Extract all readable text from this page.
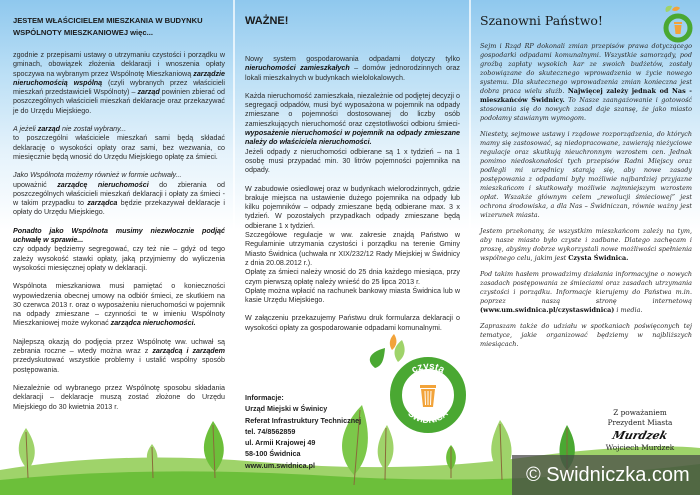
czysta
ŚWIDNICA
JESTEM WŁAŚCICIELEM MIESZKANIA W BUDYNKU WSPÓLNOTY MIESZKANIOWEJ więc...
zgodnie z przepisami ustawy o utrzymaniu czystości i porządku w gminach, obowiązek złożenia deklaracji i wnoszenia opłaty spoczywa na wybranym przez Wspólnotę Mieszkaniową zarządzie nieruchomością wspólną (czyli wybranych przez właścicieli mieszkań przedstawicieli Wspólnoty) – zarząd powinien zbierać od poszczególnych właścicieli mieszkań deklaracje oraz przekazywać je do Urzędu Miejskiego.
A jeżeli zarząd nie został wybrany...
to poszczególni właściciele mieszkań sami będą składać deklarację o wysokości opłaty oraz sami, bez wezwania, co miesięcznie będą wnosić do Urzędu Miejskiego opłatę za śmieci.
Jako Wspólnota możemy również w formie uchwały...
upoważnić zarządcę nieruchomości do zbierania od poszczególnych właścicieli mieszkań deklaracji i opłaty za śmieci - w takim przypadku to zarządca będzie przekazywał deklaracje i opłaty do Urzędu Miejskiego.
Ponadto jako Wspólnota musimy niezwłocznie podjąć uchwałę w sprawie...
czy odpady będziemy segregować, czy też nie – gdyż od tego zależy wysokość stawki opłaty, jaką przyjmiemy do wyliczenia wysokości miesięcznej opłaty w deklaracji.
Wspólnota mieszkaniowa musi pamiętać o konieczności wypowiedzenia obecnej umowy na odbiór śmieci, ze skutkiem na 30 czerwca 2013 r. oraz o wyposażeniu nieruchomości w pojemnik na odpady zmieszane – czynności te w imieniu Wspólnoty Mieszkaniowej może wykonać zarządca nieruchomości.
Najlepszą okazją do podjęcia przez Wspólnotę ww. uchwał są zebrania roczne – wtedy można wraz z zarządcą i zarządem przedyskutować wszystkie problemy i ustalić wspólny sposób postępowania.
Niezależnie od wybranego przez Wspólnotę sposobu składania deklaracji – deklaracje muszą zostać złożone do Urzędu Miejskiego do 30 kwietnia 2013 r.
WAŻNE!
Nowy system gospodarowania odpadami dotyczy tylko nieruchomości zamieszkałych – domów jednorodzinnych oraz lokali mieszkalnych w budynkach wielolokalowych.
Każda nieruchomość zamieszkała, niezależnie od podjętej decyzji o segregacji odpadów, musi być wyposażona w pojemnik na odpady zmieszane o pojemności dostosowanej do liczby osób zamieszkujących nieruchomość oraz częstotliwości odbioru śmieci- wyposażenie nieruchomości w pojemnik na odpady zmieszane należy do właściciela nieruchomości.
Jeżeli odpady z nieruchomości odbierane są 1 x tydzień – na 1 osobę musi przypadać min. 30 litrów pojemności pojemnika na odpady.
W zabudowie osiedlowej oraz w budynkach wielorodzinnych, gdzie brakuje miejsca na ustawienie dużego pojemnika na odpady lub kilku pojemników – odpady zmieszane będą odbierane max. 3 x tydzień. W pozostałych przypadkach odpady zmieszane będą odbierane 1 x tydzień.
Szczegółowe regulacje w ww. zakresie znajdą Państwo w Regulaminie utrzymania czystości i porządku na terenie Gminy Miasto Świdnica (uchwała nr XIX/232/12 Rady Miejskiej w Świdnicy z dnia 20.08.2012 r.).
Opłatę za śmieci należy wnosić do 25 dnia każdego miesiąca, przy czym pierwszą opłatę należy wnieść do 25 lipca 2013 r.
Opłatę można wpłacić na rachunek bankowy miasta Świdnica lub w kasie Urzędu Miejskiego.
W załączeniu przekazujemy Państwu druk formularza deklaracji o wysokości opłaty za gospodarowanie odpadami komunalnymi.
Szanowni Państwo!
Sejm i Rząd RP dokonali zmian przepisów prawa dotyczącego gospodarki odpadami komunalnymi. Wszystkie samorządy, pod groźbą zapłaty wysokich kar ze swoich budżetów, zostały zobowiązane do skutecznego wprowadzenia w życie nowego systemu. Dla skutecznego wprowadzenia zmian konieczna jest dobra praca wielu służb. Najwięcej zależy jednak od Nas - mieszkańców Świdnicy. To Nasze zaangażowanie i gotowość stosowania się do nowych zasad daje szansę, że jako miasto podołamy stawianym wymogom.
Niestety, sejmowe ustawy i rządowe rozporządzenia, do których mamy się zastosować, są niedopracowane, zawierają nieżyciowe regulacje oraz skutkują nieuchronnym wzrostem cen. Jednak pomimo niedoskonałości tych przepisów Radni Miejscy oraz podlegli mi urzędnicy starają się, aby nowe zasady postępowania z odpadami były możliwie najbardziej przyjazne mieszkańcom i skutkowały możliwie najmniejszym wzrostem opłat. Wszakże głównym celem „rewolucji śmieciowej” jest ochrona środowiska, a dla Nas – Świdniczan, równie ważny jest wizerunek miasta.
Jestem przekonany, że wszystkim mieszkańcom zależy na tym, aby nasze miasto było czyste i zadbane. Dlatego zachęcam i proszę, abyśmy dobrze wykorzystali nowe możliwości spełnienia wspólnego celu, jakim jest Czysta Świdnica.
Pod takim hasłem prowadzimy działania informacyjne o nowych zasadach postępowania ze śmieciami oraz zasadach utrzymania czystości i porządku. Informacje kierujemy do Państwa m.in. poprzez naszą stronę internetową (www.um.swidnica.pl/czystaswidnica) i media.
Zapraszam także do udziału w spotkaniach poświęconych tej tematyce, jakie organizować będziemy w najbliższych miesiącach.
Informacje:
Urząd Miejski w Świnicy
Referat Infrastruktury Technicznej
tel. 74/8562859
ul. Armii Krajowej 49
58-100 Świdnica
www.um.swidnica.pl
Z poważaniem
Prezydent Miasta
Murdzek
Wojciech Murdzek
© Swidniczka.com
